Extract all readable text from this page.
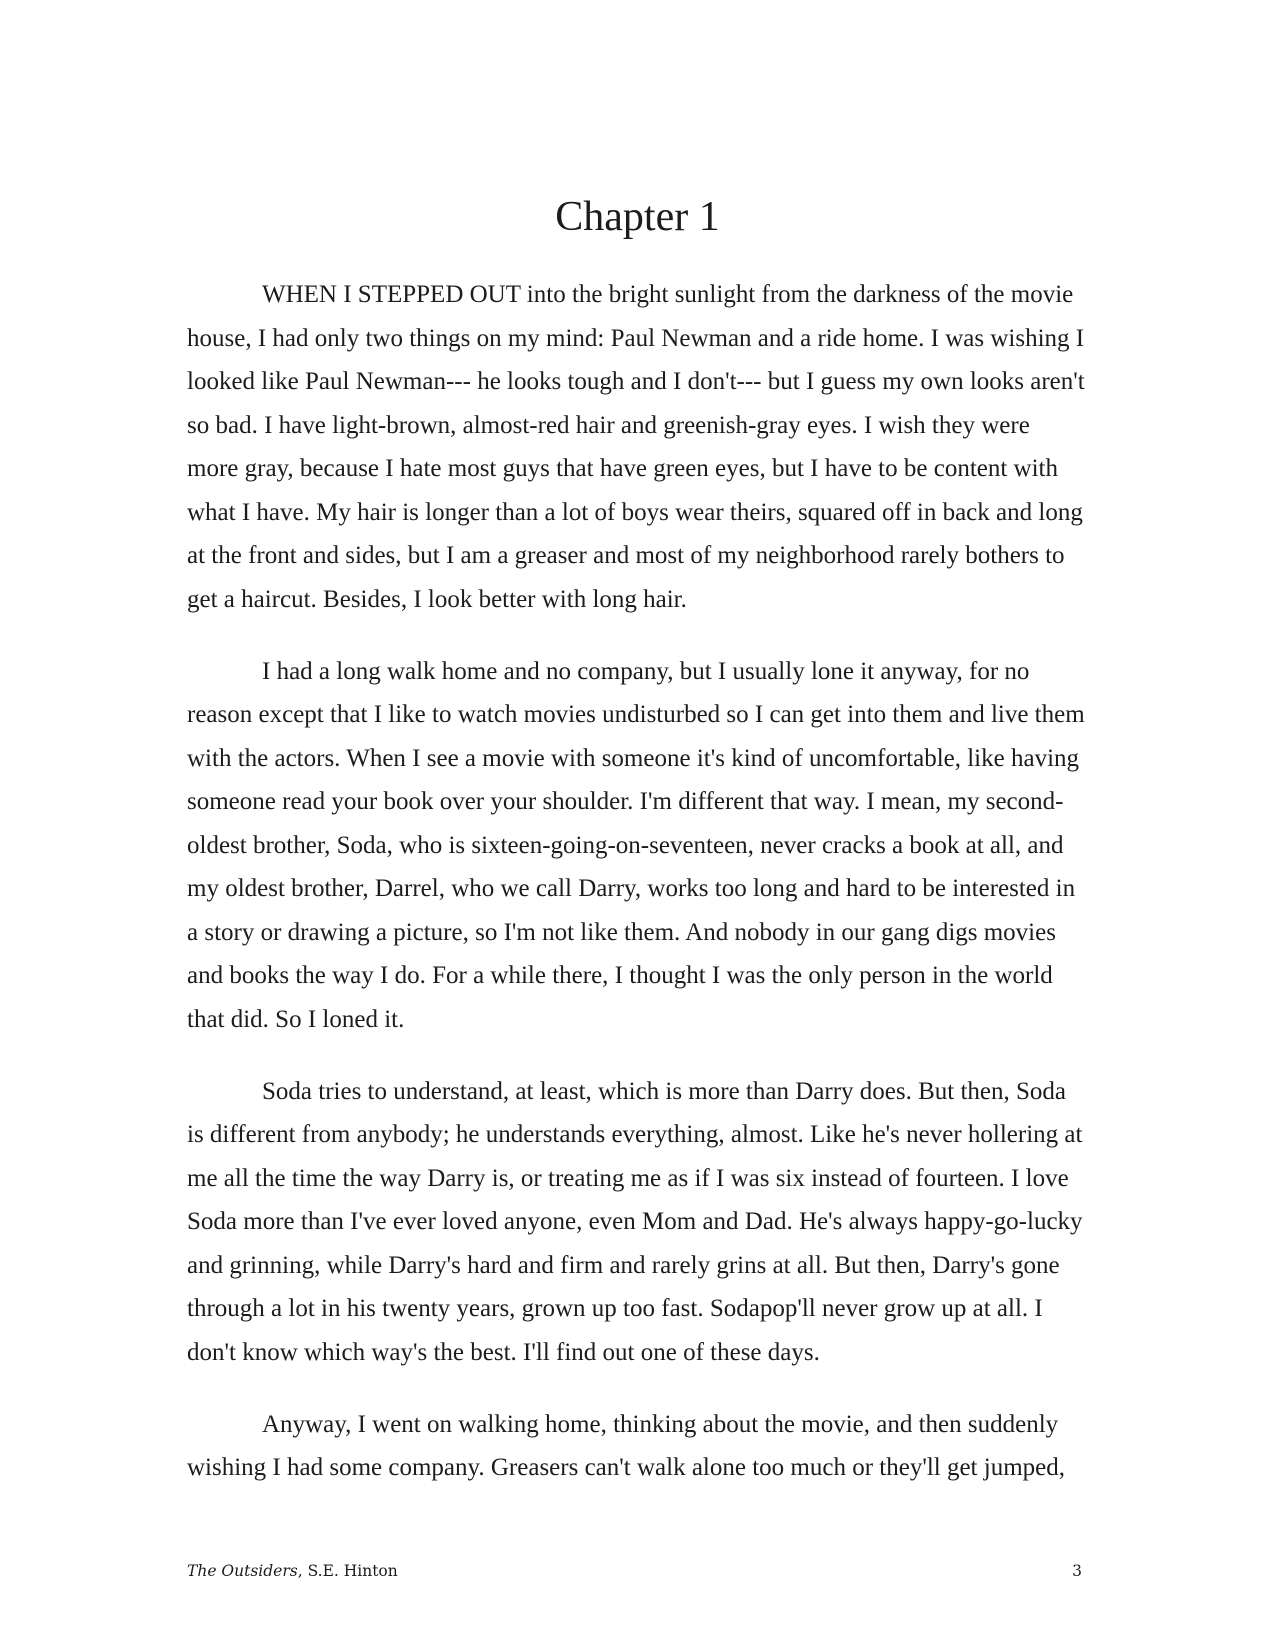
Chapter 1

WHEN I STEPPED OUT into the bright sunlight from the darkness of the movie
house, I had only two things on my mind: Paul Newman and a ride home. I was wishing I
looked like Paul Newman--- he looks tough and I don't--- but I guess my own looks aren't
so bad. I have light-brown, almost-red hair and greenish-gray eyes. I wish they were
more gray, because I hate most guys that have green eyes, but I have to be content with
what I have. My hair is longer than a lot of boys wear theirs, squared off in back and long
at the front and sides, but I am a greaser and most of my neighborhood rarely bothers to
get a haircut. Besides, I look better with long hair.

I had a long walk home and no company, but I usually lone it anyway, for no
reason except that I like to watch movies undisturbed so I can get into them and live them
with the actors. When I see a movie with someone it's kind of uncomfortable, like having
someone read your book over your shoulder. I'm different that way. I mean, my second-
oldest brother, Soda, who is sixteen-going-on-seventeen, never cracks a book at all, and
my oldest brother, Darrel, who we call Darry, works too long and hard to be interested in
a story or drawing a picture, so I'm not like them. And nobody in our gang digs movies
and books the way I do. For a while there, I thought I was the only person in the world
that did. So I loned it.

Soda tries to understand, at least, which is more than Darry does. But then, Soda
is different from anybody; he understands everything, almost. Like he's never hollering at
me all the time the way Darry is, or treating me as if I was six instead of fourteen. I love
Soda more than I've ever loved anyone, even Mom and Dad. He's always happy-go-lucky
and grinning, while Darry's hard and firm and rarely grins at all. But then, Darry's gone
through a lot in his twenty years, grown up too fast. Sodapop'll never grow up at all. I
don't know which way's the best. I'll find out one of these days.

Anyway, I went on walking home, thinking about the movie, and then suddenly
wishing I had some company. Greasers can't walk alone too much or they'll get jumped,

The Outsiders, S.E. Hinton	3
